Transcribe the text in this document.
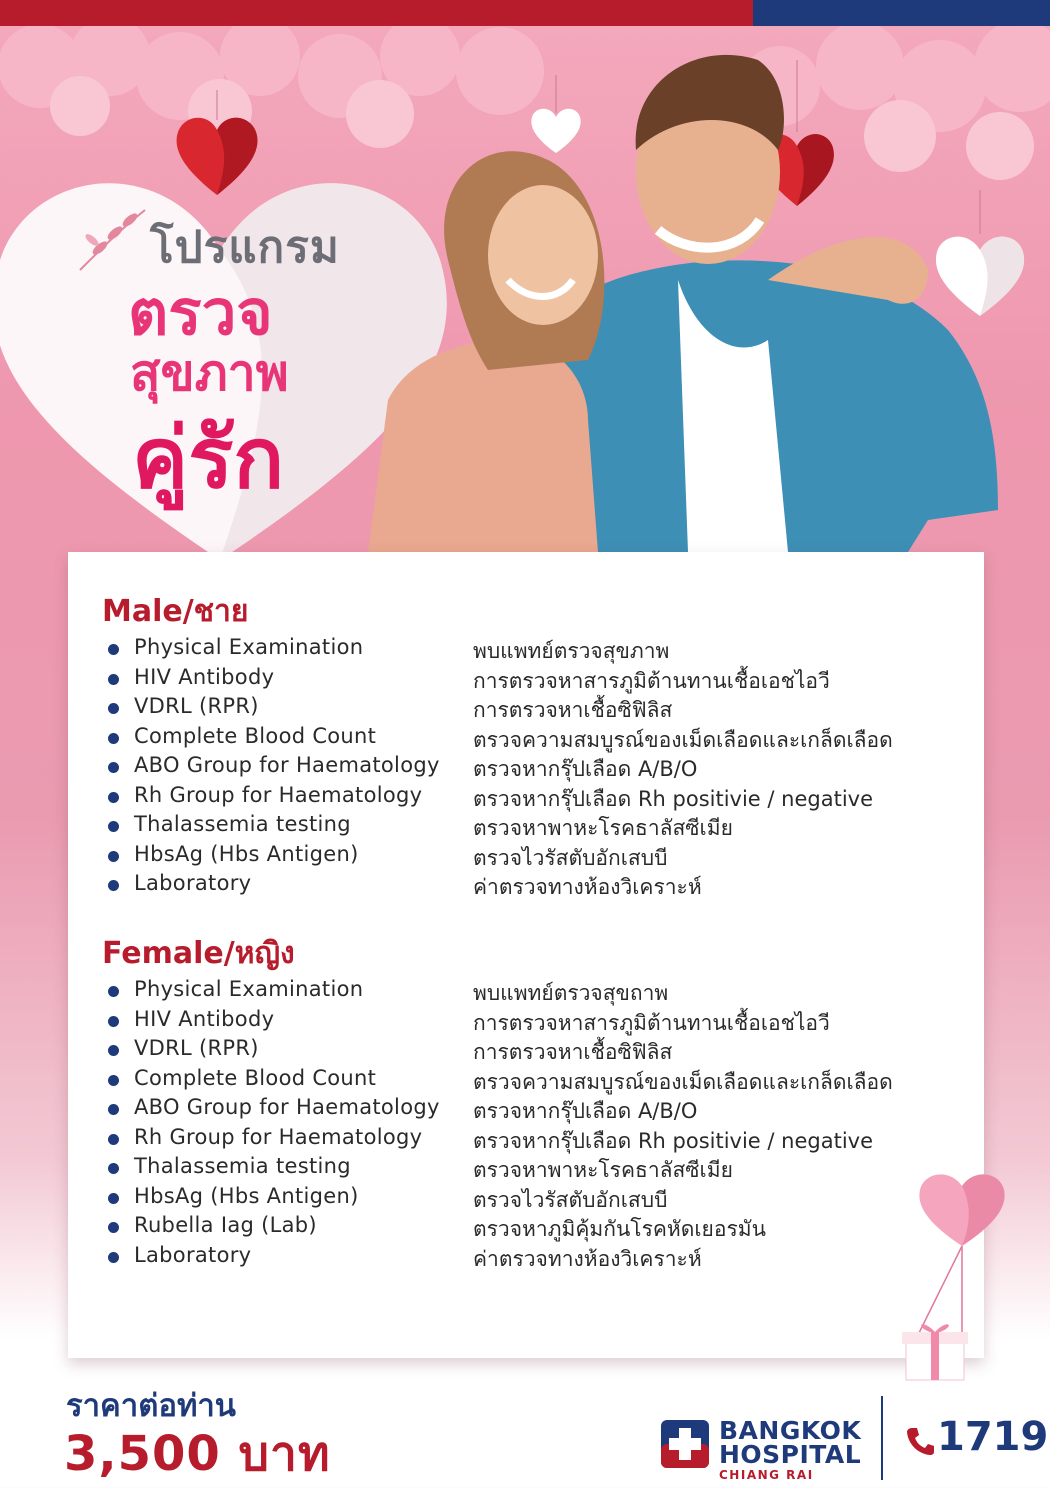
โปรแกรม
ตรวจ
สุขภาพ
คู่รัก
Male/ชาย
Physical Examination	พบแพทย์ตรวจสุขภาพ
HIV Antibody	การตรวจหาสารภูมิต้านทานเชื้อเอชไอวี
VDRL (RPR)	การตรวจหาเชื้อซิฟิลิส
Complete Blood Count	ตรวจความสมบูรณ์ของเม็ดเลือดและเกล็ดเลือด
ABO Group for Haematology ตรวจหากรุ๊ปเลือด A/B/O
Rh Group for Haematology ตรวจหากรุ๊ปเลือด Rh positivie / negative
Thalassemia testing	ตรวจหาพาหะโรคธาลัสซีเมีย
HbsAg (Hbs Antigen)	ตรวจไวรัสตับอักเสบบี
Laboratory	ค่าตรวจทางห้องวิเคราะห์
Female/หญิง
Physical Examination	พบแพทย์ตรวจสุขถาพ
HIV Antibody	การตรวจหาสารภูมิต้านทานเชื้อเอชไอวี
VDRL (RPR)	การตรวจหาเชื้อซิฟิลิส
Complete Blood Count	ตรวจความสมบูรณ์ของเม็ดเลือดและเกล็ดเลือด
ABO Group for Haematology ตรวจหากรุ๊ปเลือด A/B/O
Rh Group for Haematology ตรวจหากรุ๊ปเลือด Rh positivie / negative
Thalassemia testing	ตรวจหาพาหะโรคธาลัสซีเมีย
HbsAg (Hbs Antigen)	ตรวจไวรัสตับอักเสบบี
Rubella Iag (Lab)	ตรวจหาภูมิคุ้มกันโรคหัดเยอรมัน
Laboratory	ค่าตรวจทางห้องวิเคราะห์
ราคาต่อท่าน
3,500 บาท	BANGKOK
HOSPITAL
CHIANG RAI
1719
